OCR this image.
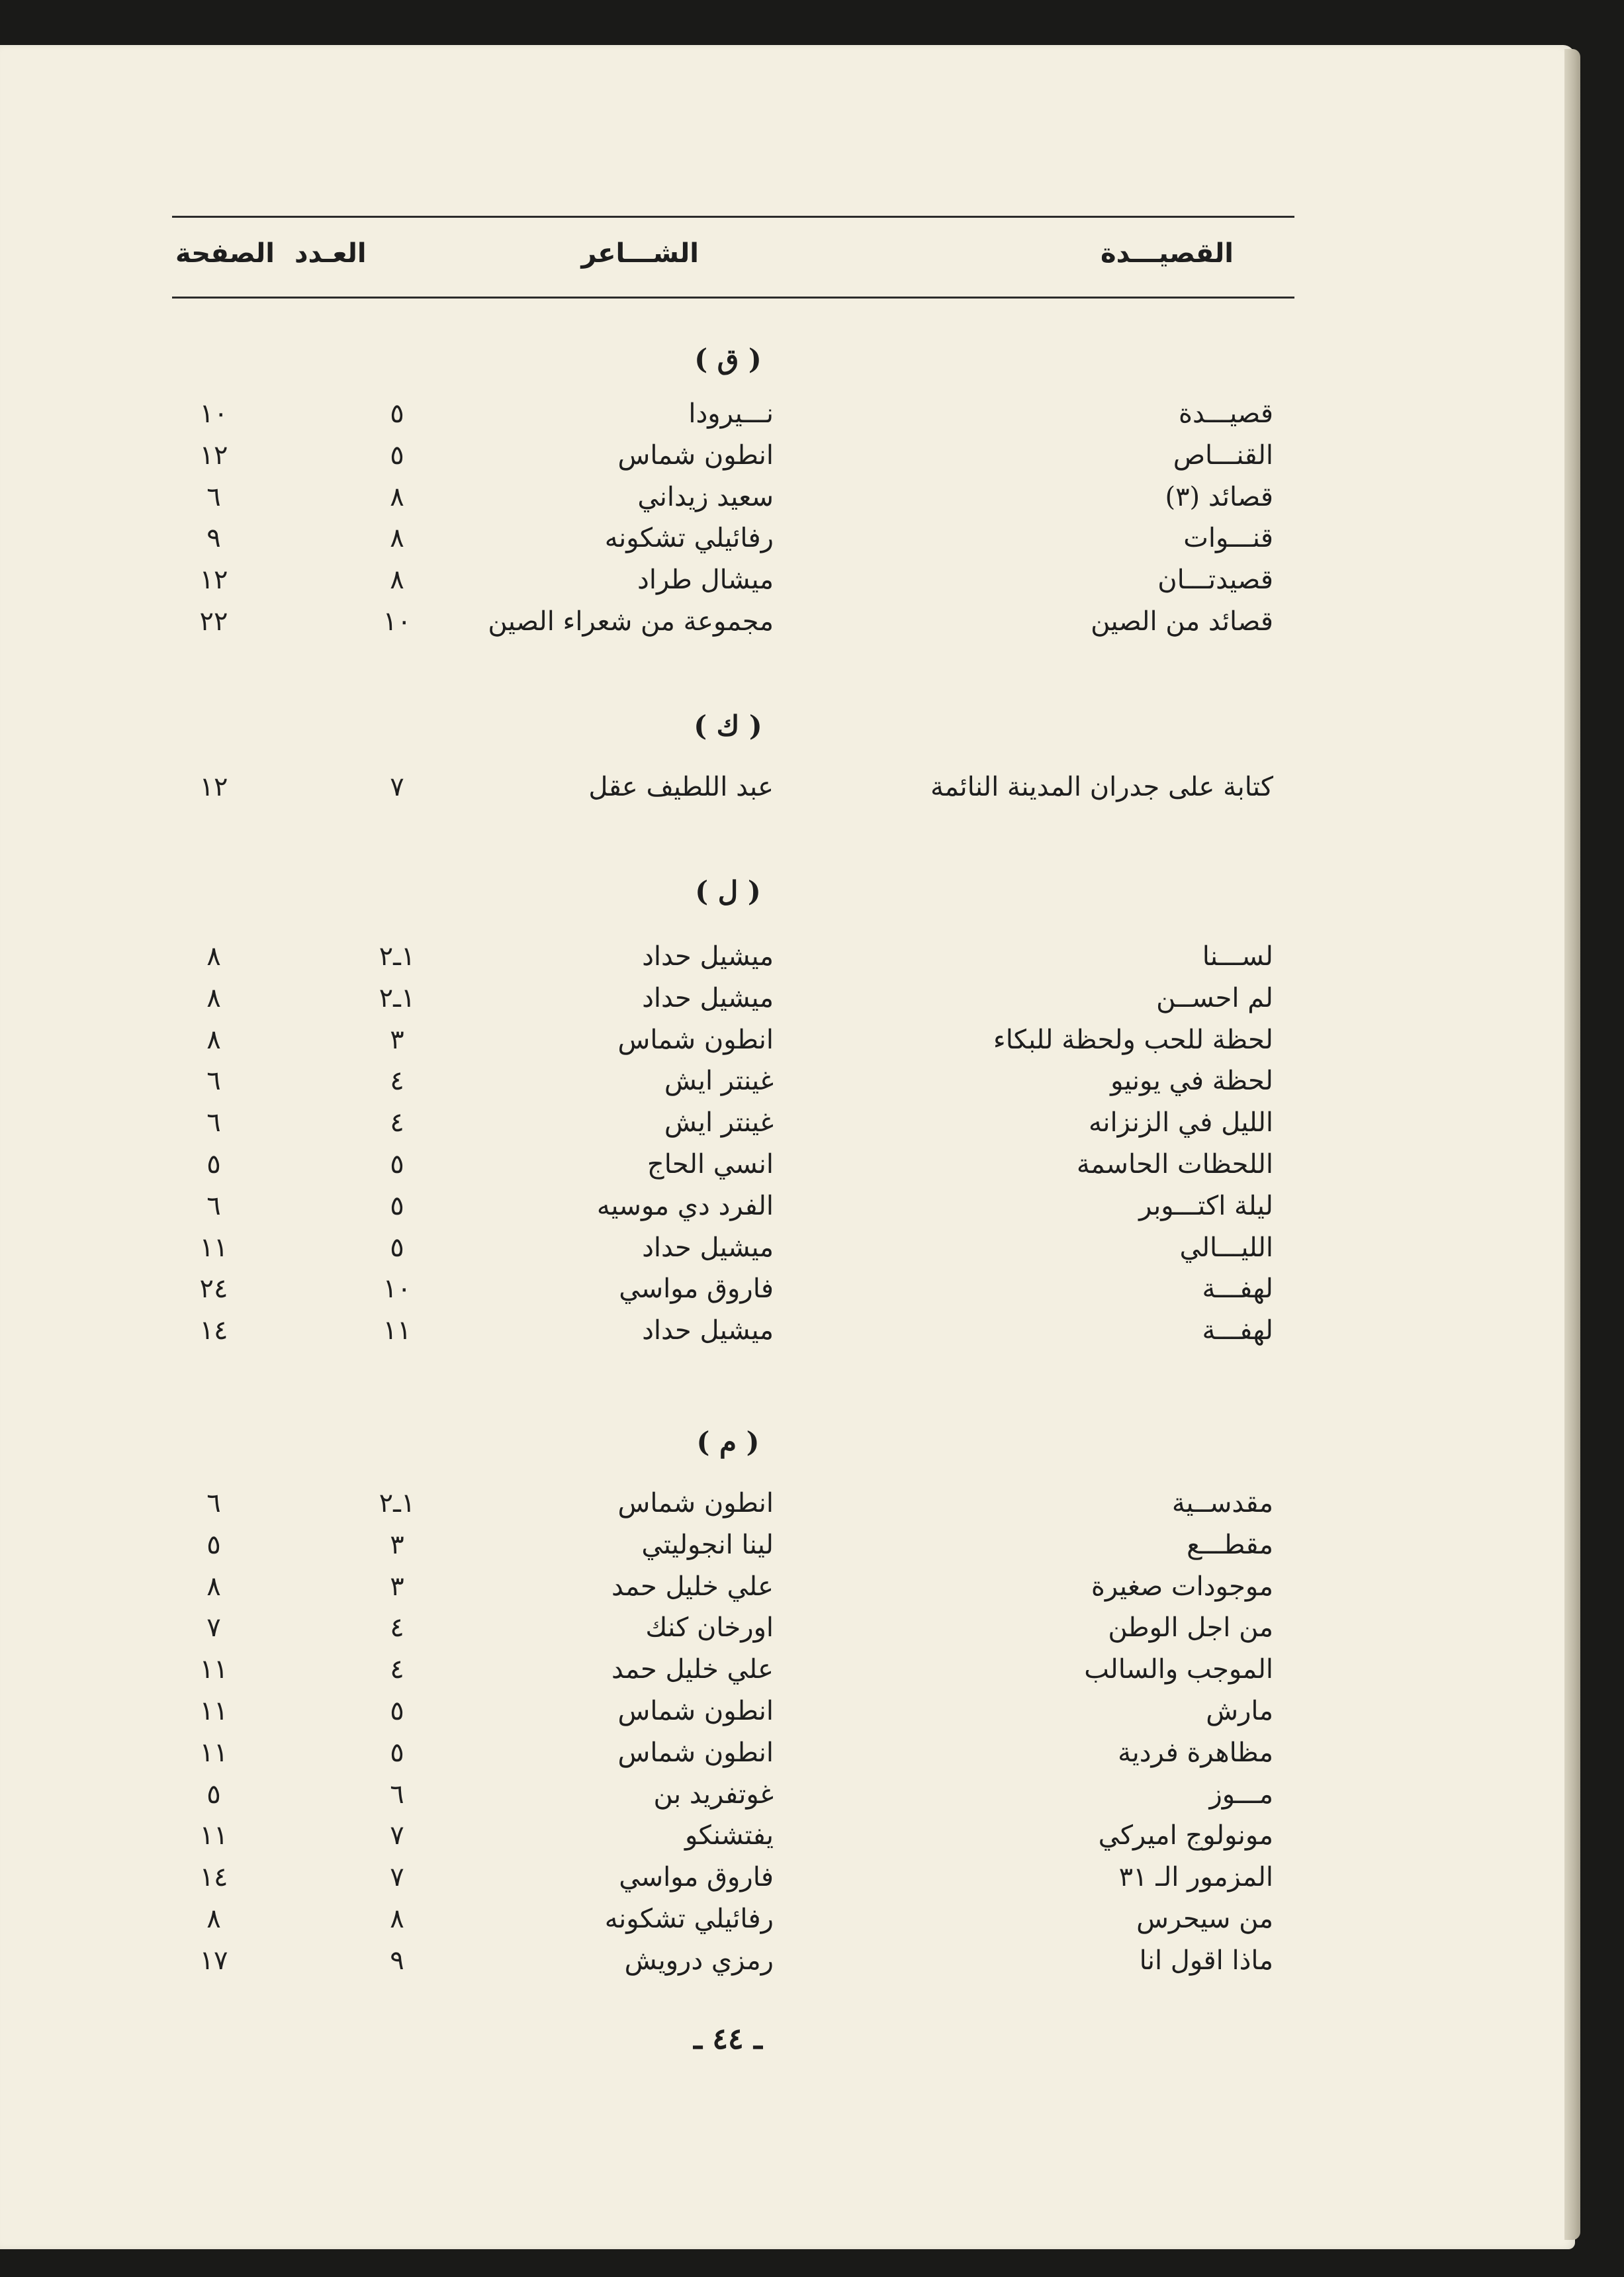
القصيـــدة
الشـــاعر
العـدد
الصفحة
( ق )
قصيـــدة
نـــيرودا
٥
١٠
القنـــاص
انطون شماس
٥
١٢
قصائد (٣)
سعيد زيداني
٨
٦
قنـــوات
رفائيلي تشكونه
٨
٩
قصيدتـــان
ميشال طراد
٨
١٢
قصائد من الصين
مجموعة من شعراء الصين
١٠
٢٢
( ك )
كتابة على جدران المدينة النائمة
عبد اللطيف عقل
٧
١٢
( ل )
لســـنا
ميشيل حداد
١ـ٢
٨
لم احســن
ميشيل حداد
١ـ٢
٨
لحظة للحب ولحظة للبكاء
انطون شماس
٣
٨
لحظة في يونيو
غينتر ايش
٤
٦
الليل في الزنزانه
غينتر ايش
٤
٦
اللحظات الحاسمة
انسي الحاج
٥
٥
ليلة اكتـــوبر
الفرد دي موسيه
٥
٦
الليـــالي
ميشيل حداد
٥
١١
لهفـــة
فاروق مواسي
١٠
٢٤
لهفـــة
ميشيل حداد
١١
١٤
( م )
مقدســية
انطون شماس
١ـ٢
٦
مقطـــع
لينا انجوليتي
٣
٥
موجودات صغيرة
علي خليل حمد
٣
٨
من اجل الوطن
اورخان كنك
٤
٧
الموجب والسالب
علي خليل حمد
٤
١١
مارش
انطون شماس
٥
١١
مظاهرة فردية
انطون شماس
٥
١١
مـــوز
غوتفريد بن
٦
٥
مونولوج اميركي
يفتشنكو
٧
١١
المزمور الـ ٣١
فاروق مواسي
٧
١٤
من سيحرس
رفائيلي تشكونه
٨
٨
ماذا اقول انا
رمزي درويش
٩
١٧
ـ ٤٤ ـ
